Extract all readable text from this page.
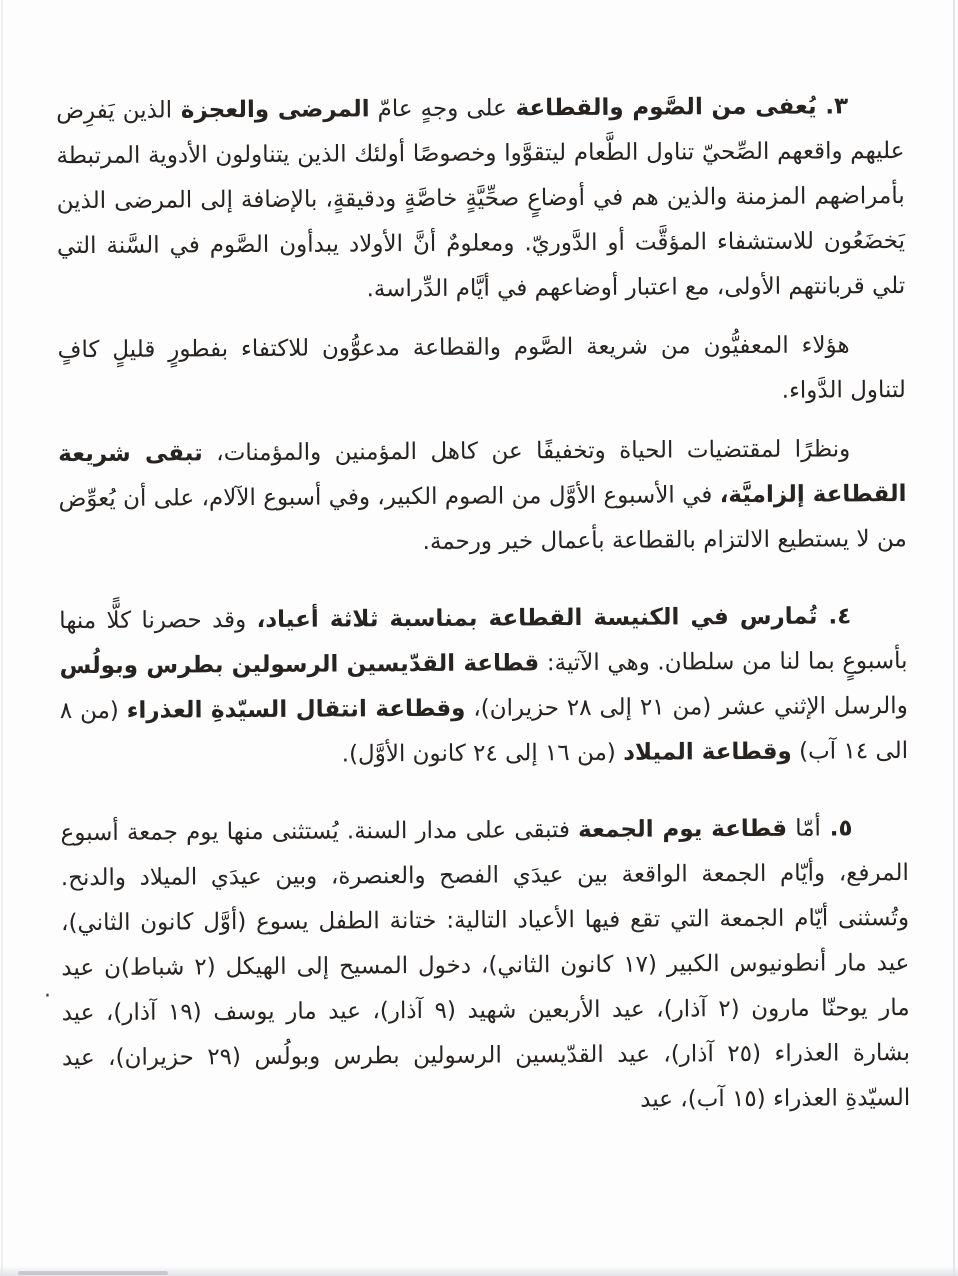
٣. يُعفى من الصَّوم والقطاعة على وجهٍ عامّ المرضى والعجزة الذين يَفرِض عليهم واقعهم الصِّحيّ تناول الطَّعام ليتقوَّوا وخصوصًا أولئك الذين يتناولون الأدوية المرتبطة بأمراضهم المزمنة والذين هم في أوضاعٍ صحِّيَّةٍ خاصَّةٍ ودقيقةٍ، بالإضافة إلى المرضى الذين يَخضَعُون للاستشفاء المؤقَّت أو الدَّوريّ. ومعلومٌ أنَّ الأولاد يبدأون الصَّوم في السَّنة التي تلي قربانتهم الأولى، مع اعتبار أوضاعهم في أيَّام الدِّراسة.

هؤلاء المعفيُّون من شريعة الصَّوم والقطاعة مدعوُّون للاكتفاء بفطورٍ قليلٍ كافٍ لتناول الدَّواء.

ونظرًا لمقتضيات الحياة وتخفيفًا عن كاهل المؤمنين والمؤمنات، تبقى شريعة القطاعة إلزاميَّة، في الأسبوع الأوَّل من الصوم الكبير، وفي أسبوع الآلام، على أن يُعوِّض من لا يستطيع الالتزام بالقطاعة بأعمال خير ورحمة.

٤. تُمارس في الكنيسة القطاعة بمناسبة ثلاثة أعياد، وقد حصرنا كلًّا منها بأسبوعٍ بما لنا من سلطان. وهي الآتية: قطاعة القدّيسين الرسولين بطرس وبولُس والرسل الإثني عشر (من ٢١ إلى ٢٨ حزيران)، وقطاعة انتقال السيّدةِ العذراء (من ٨ الى ١٤ آب) وقطاعة الميلاد (من ١٦ إلى ٢٤ كانون الأوَّل).

٥. أمّا قطاعة يوم الجمعة فتبقى على مدار السنة. يُستثنى منها يوم جمعة أسبوع المرفع، وأيّام الجمعة الواقعة بين عيدَي الفصح والعنصرة، وبين عيدَي الميلاد والدنح. وتُسثنى أيّام الجمعة التي تقع فيها الأعياد التالية: ختانة الطفل يسوع (أوَّل كانون الثاني)، عيد مار أنطونيوس الكبير (١٧ كانون الثاني)، دخول المسيح إلى الهيكل (٢ شباط)ن عيد مار يوحنّا مارون (٢ آذار)، عيد الأربعين شهيد (٩ آذار)، عيد مار يوسف (١٩ آذار)، عيد بشارة العذراء (٢٥ آذار)، عيد القدّيسين الرسولين بطرس وبولُس (٢٩ حزيران)، عيد السيّدةِ العذراء (١٥ آب)، عيد

·
